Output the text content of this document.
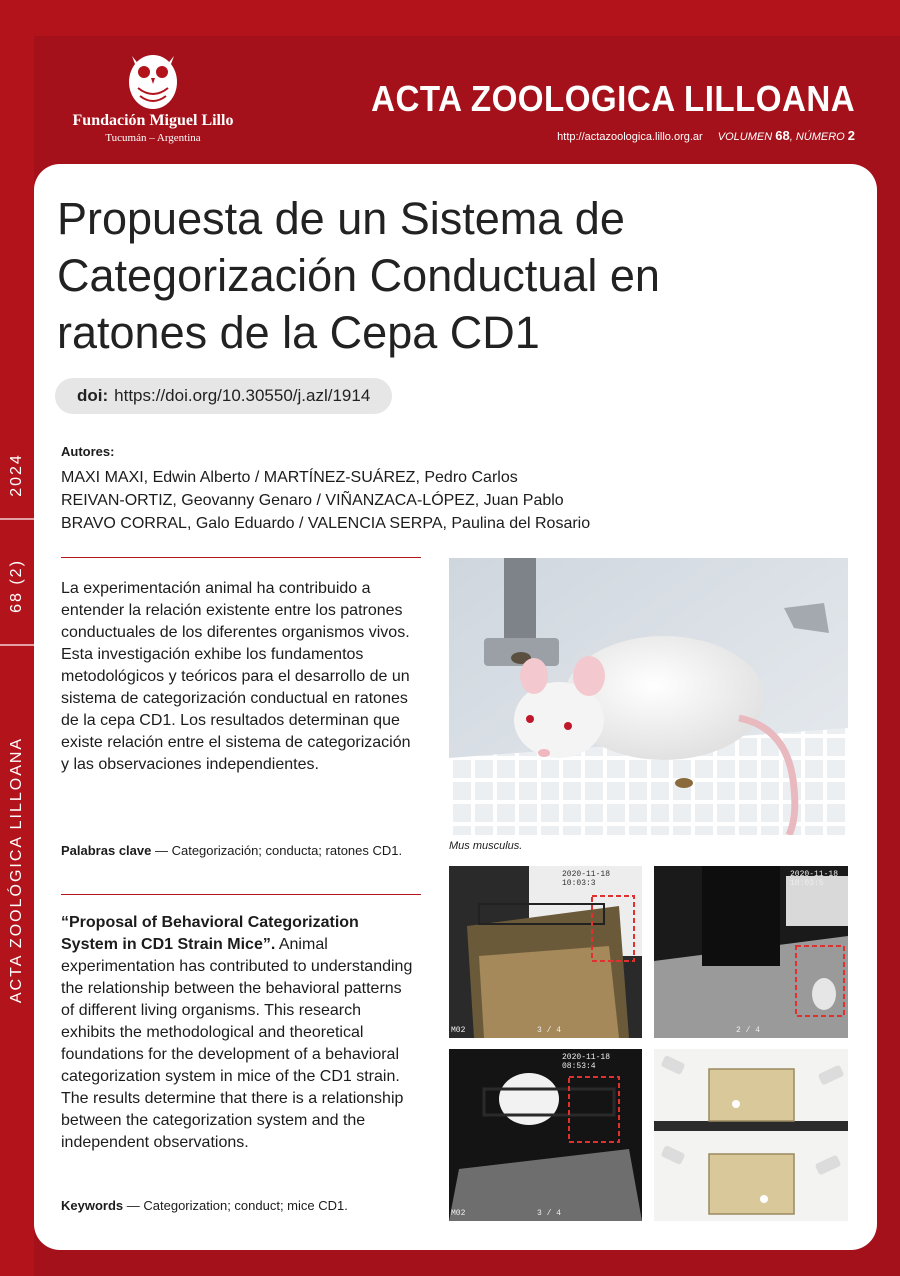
Fundación Miguel Lillo
Tucumán – Argentina
ACTA ZOOLOGICA LILLOANA
http://actazoologica.lillo.org.ar VOLUMEN 68, NÚMERO 2
2024
68 (2)
ACTA ZOOLÓGICA LILLOANA
Propuesta de un Sistema de Categorización Conductual en ratones de la Cepa CD1
doi: https://doi.org/10.30550/j.azl/1914
Autores:
MAXI MAXI, Edwin Alberto / MARTÍNEZ-SUÁREZ, Pedro Carlos
REIVAN-ORTIZ, Geovanny Genaro / VIÑANZACA-LÓPEZ, Juan Pablo
BRAVO CORRAL, Galo Eduardo / VALENCIA SERPA, Paulina del Rosario
La experimentación animal ha contribuido a entender la relación existente entre los patrones conductuales de los diferentes organismos vivos. Esta investigación exhibe los fundamentos metodológicos y teóricos para el desarrollo de un sistema de categorización conductual en ratones de la cepa CD1. Los resultados determinan que existe relación entre el sistema de categorización y las observaciones independientes.
Palabras clave — Categorización; conducta; ratones CD1.
“Proposal of Behavioral Categorization System in CD1 Strain Mice”. Animal experimentation has contributed to understanding the relationship between the behavioral patterns of different living organisms. This research exhibits the methodological and theoretical foundations for the development of a behavioral categorization system in mice of the CD1 strain. The results determine that there is a relationship between the categorization system and the independent observations.
Keywords — Categorization; conduct; mice CD1.
Mus musculus.
2020-11-18 10:03:3
3 / 4
M02
2020-11-18 10:03:5
2 / 4
2020-11-18 08:53:4
3 / 4
M02
